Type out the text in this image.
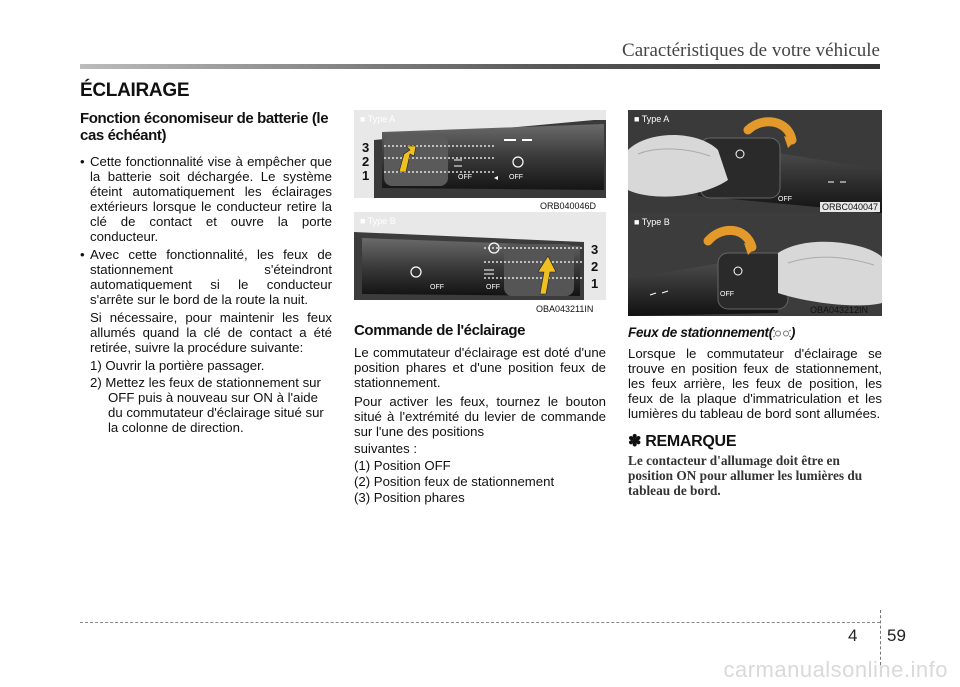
Caractéristiques de votre véhicule
ÉCLAIRAGE
Fonction économiseur de batterie (le cas échéant)
• Cette fonctionnalité vise à empêcher que la batterie soit déchargée. Le système éteint automatiquement les éclairages extérieurs lorsque le conducteur retire la clé de contact et ouvre la porte conducteur.
• Avec cette fonctionnalité, les feux de stationnement s'éteindront automatiquement si le conducteur s'arrête sur le bord de la route la nuit.
Si nécessaire, pour maintenir les feux allumés quand la clé de contact a été retirée, suivre la procédure suivante:
1) Ouvrir la portière passager.
2) Mettez les feux de stationnement sur OFF puis à nouveau sur ON à l'aide du commutateur d'éclairage situé sur la colonne de direction.
■ Type A
3
2
1	OFF	OFF
ORB040046D
■ Type B
3
2
1
OFF	OFF
OBA043211IN
■ Type A
OFF
ORBC040047
■ Type B
OFF
OBA043212IN
Commande de l'éclairage

Le commutateur d'éclairage est doté d'une position phares et d'une position feux de stationnement.

Pour activer les feux, tournez le bouton situé à l'extrémité du levier de commande sur l'une des positions

suivantes :

(1) Position OFF
(2) Position feux de stationnement
(3) Position phares
Feux de stationnement( )

Lorsque le commutateur d'éclairage se trouve en position feux de stationnement, les feux arrière, les feux de position, les feux de la plaque d'immatriculation et les lumières du tableau de bord sont allumées.

✽ REMARQUE
Le contacteur d'allumage doit être en position ON pour allumer les lumières du tableau de bord.
4 59
carmanualsonline.info
